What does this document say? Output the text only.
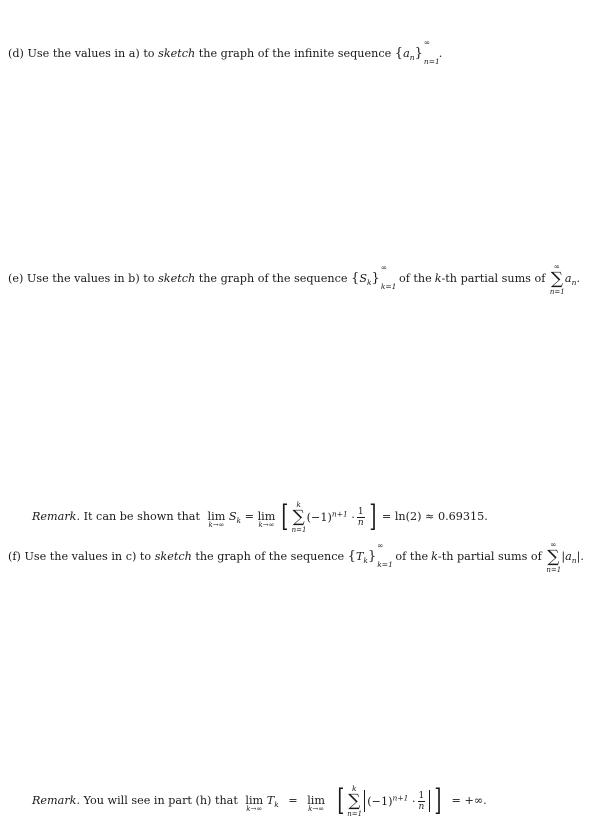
(d) Use the values in a) to sketch the graph of the infinite sequence $\{a_n\}$
∞
$_{n=1}$.
(e) Use the values in b) to sketch the graph of the sequence $\{S_k\}$
∞
$_{k=1}$ of the k-th partial sums of
∞
∑
n=1
$a_n$.
Remark. It can be shown that lim
k→∞
$S_k = \lim$
k→∞ [	k
∑
n=1
$(-1)^{n+1} \cdot \frac{1}{n}$ ] = ln(2) ≈ 0.69315.
(f) Use the values in c) to sketch the graph of the sequence $\{T_k\}$
∞
$_{k=1}$ of the k-th partial sums of
∞
∑
n=1
$|a_n|$.
Remark. You will see in part (h) that lim
k→∞
$T_k = \lim$
k→∞ [	k
∑
n=1
$(-1)^{n+1} \cdot \frac{1}{n}$ ] = +∞.
